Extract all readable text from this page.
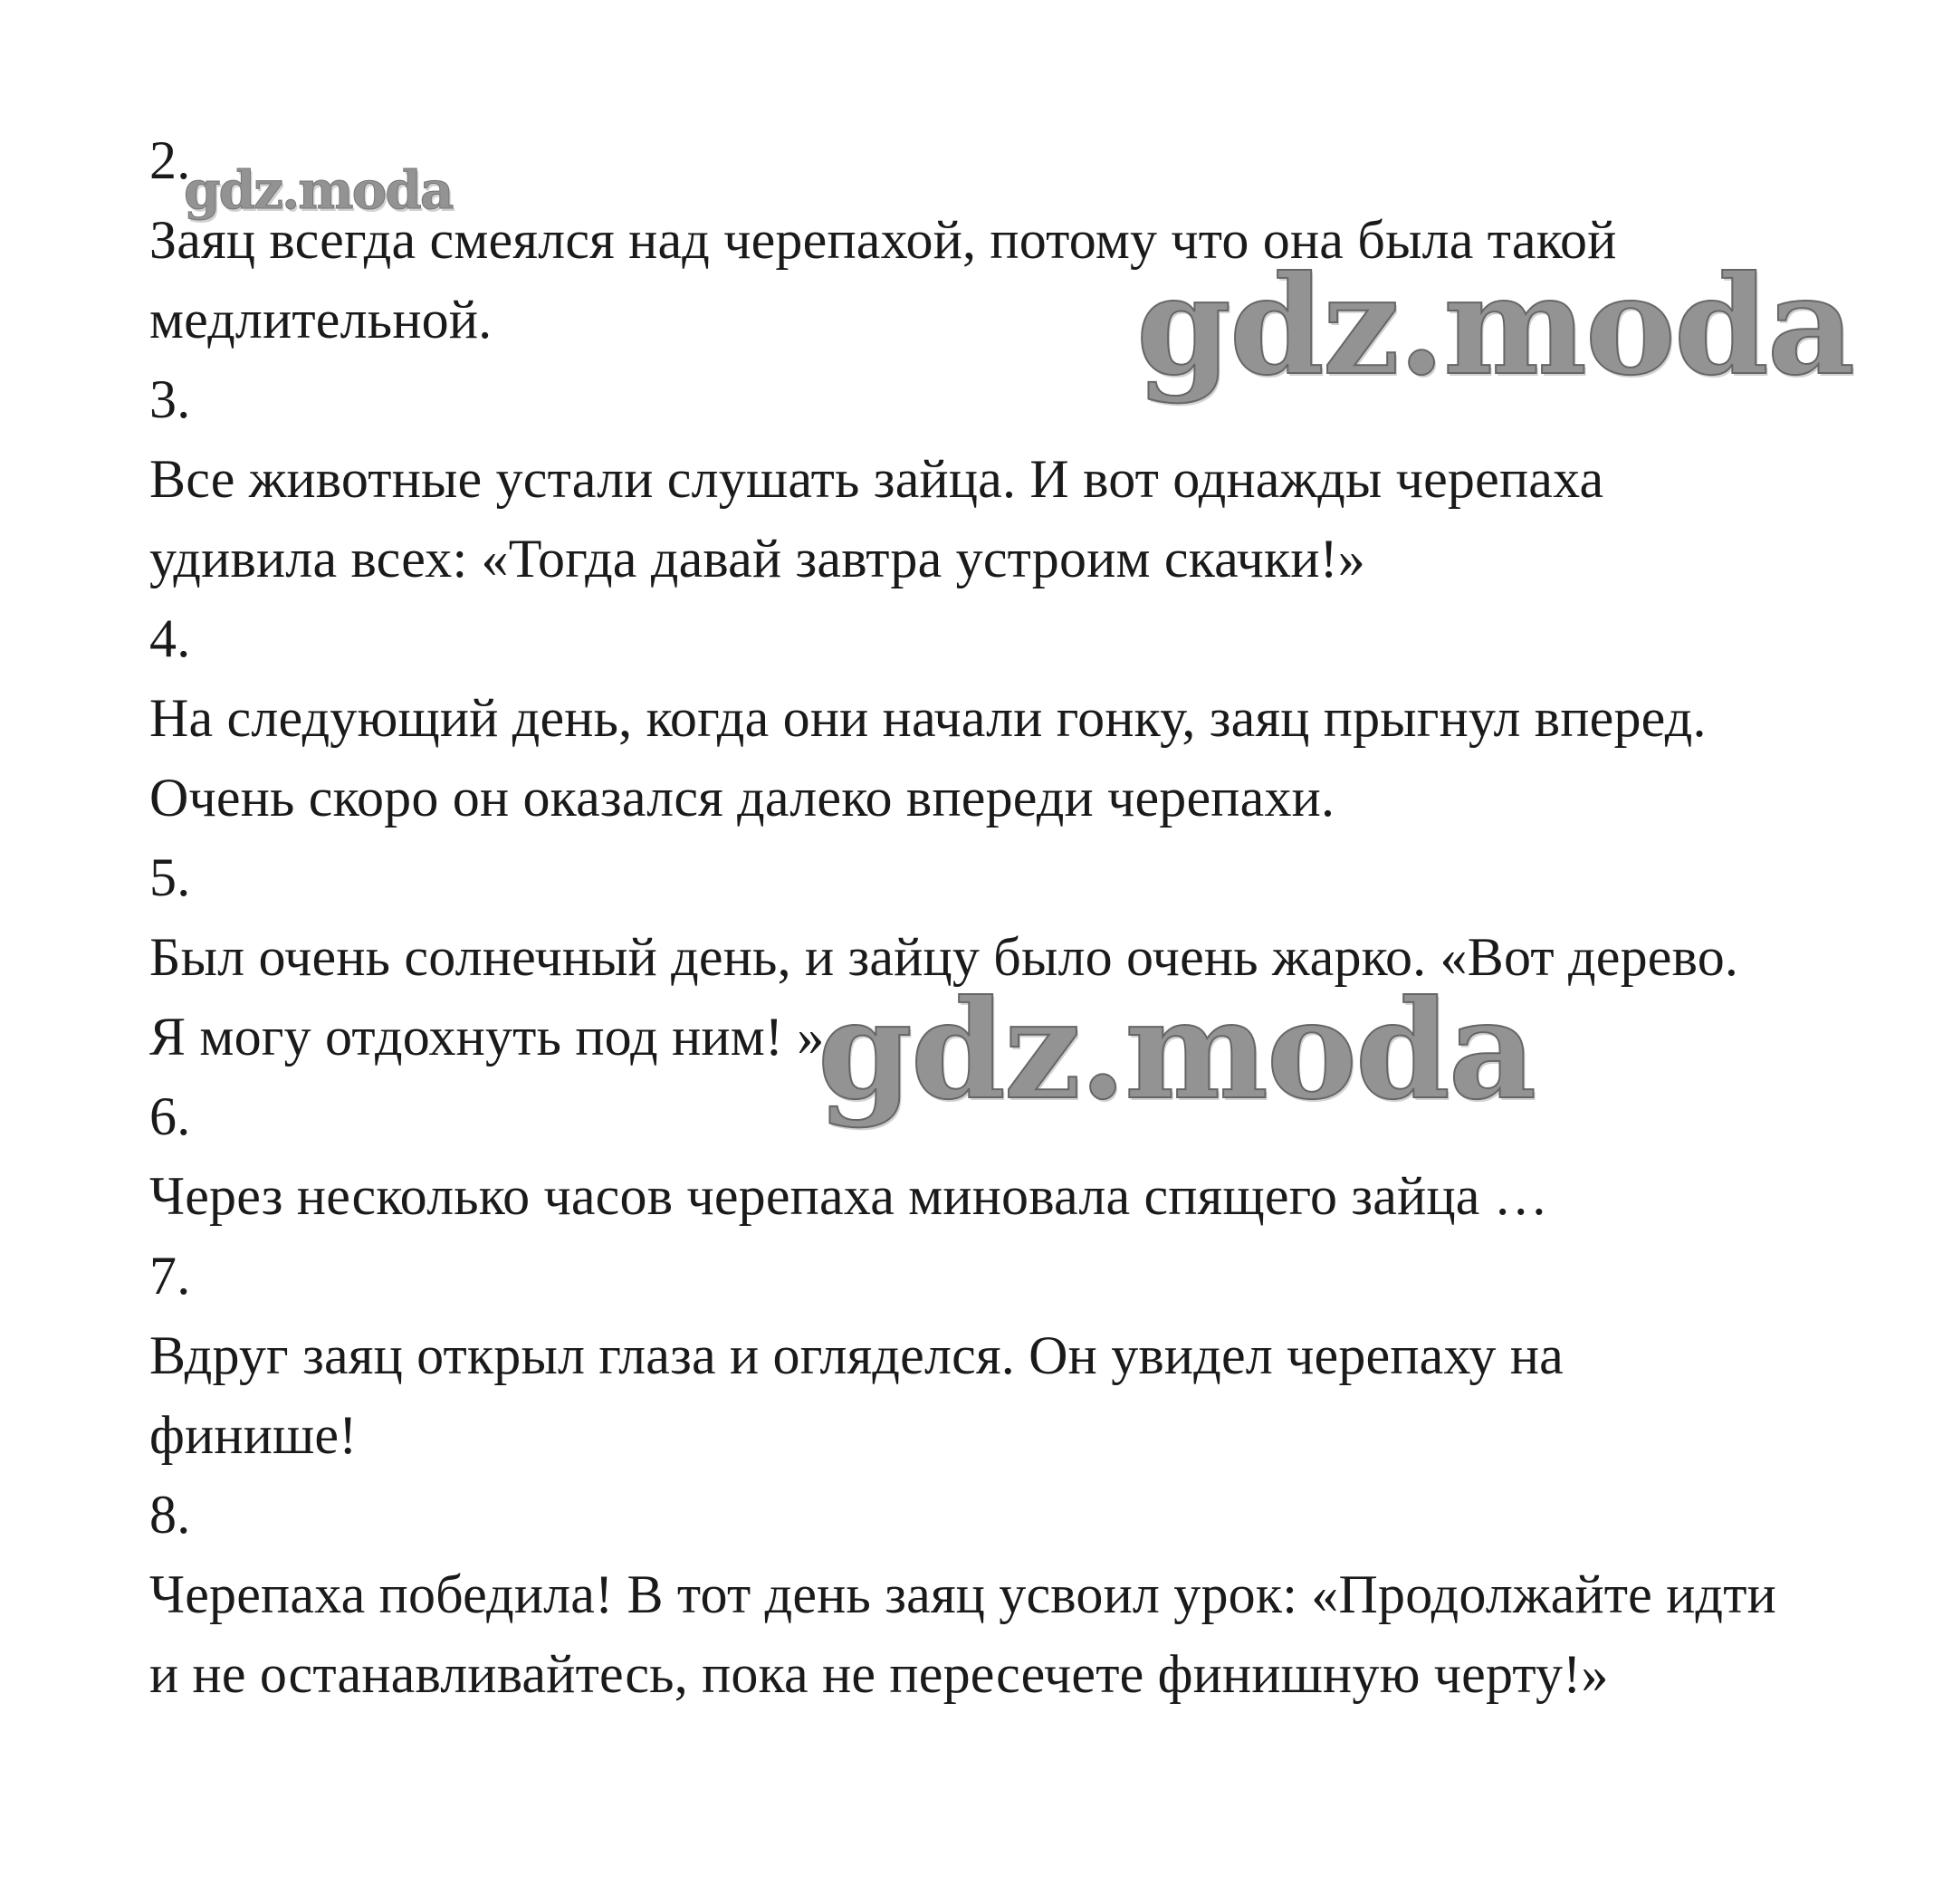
2.
Заяц всегда смеялся над черепахой, потому что она была такой
медлительной.
3.
Все животные устали слушать зайца. И вот однажды черепаха
удивила всех: «Тогда давай завтра устроим скачки!»
4.
На следующий день, когда они начали гонку, заяц прыгнул вперед.
Очень скоро он оказался далеко впереди черепахи.
5.
Был очень солнечный день, и зайцу было очень жарко. «Вот дерево.
Я могу отдохнуть под ним! »
6.
Через несколько часов черепаха миновала спящего зайца …
7.
Вдруг заяц открыл глаза и огляделся. Он увидел черепаху на
финише!
8.
Черепаха победила! В тот день заяц усвоил урок: «Продолжайте идти
и не останавливайтесь, пока не пересечете финишную черту!»
gdz.moda
gdz.moda
gdz.moda
